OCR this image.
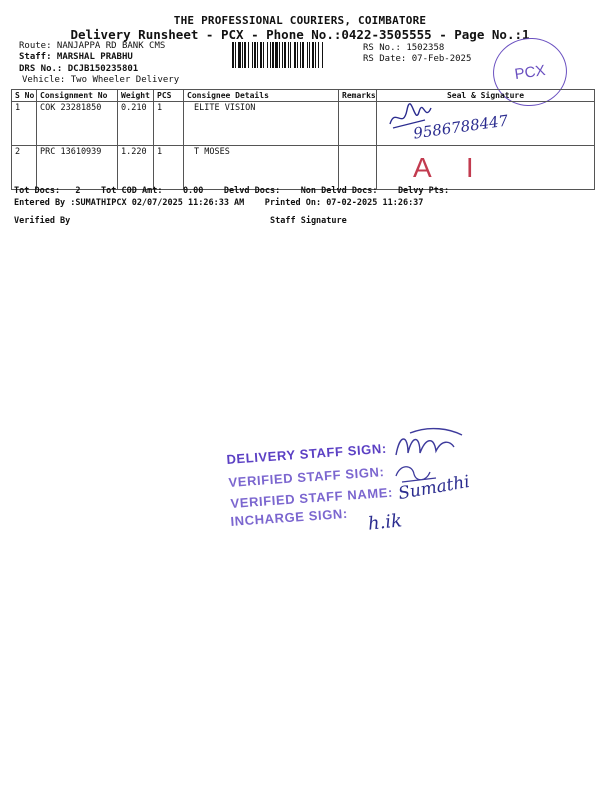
THE PROFESSIONAL COURIERS, COIMBATORE
Delivery Runsheet - PCX - Phone No.:0422-3505555 - Page No.:1
Route: NANJAPPA RD BANK CMS
Staff: MARSHAL PRABHU
DRS No.: DCJB150235801
Vehicle: Two Wheeler Delivery
RS No.: 1502358
RS Date: 07-Feb-2025
PCX
S No	Consignment No	Weight	PCS	Consignee Details	Remarks	Seal & Signature
1	COK 23281850	0.210	1	ELITE VISION		9586788447

2	PRC 13610939	1.220	1	T MOSES		A I
Tot Docs: 2 Tot COD Amt: 0.00 Delvd Docs: Non Delvd Docs: Delvy Pts:
Entered By :SUMATHIPCX 02/07/2025 11:26:33 AM Printed On: 07-02-2025 11:26:37
Verified By	Staff Signature
DELIVERY STAFF SIGN:
VERIFIED STAFF SIGN:
VERIFIED STAFF NAME:
INCHARGE SIGN:
Sumathi
h.ik
